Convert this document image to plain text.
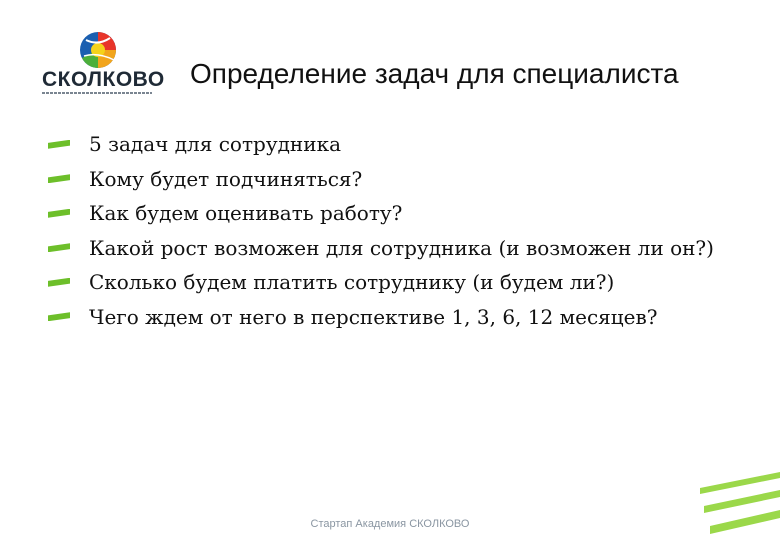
СКОЛКОВО Определение задач для специалиста
5 задач для сотрудника
Кому будет подчиняться?
Как будем оценивать работу?
Какой рост возможен для сотрудника (и возможен ли он?)
Сколько будем платить сотруднику (и будем ли?)
Чего ждем от него в перспективе 1, 3, 6, 12 месяцев?
Стартап Академия СКОЛКОВО
